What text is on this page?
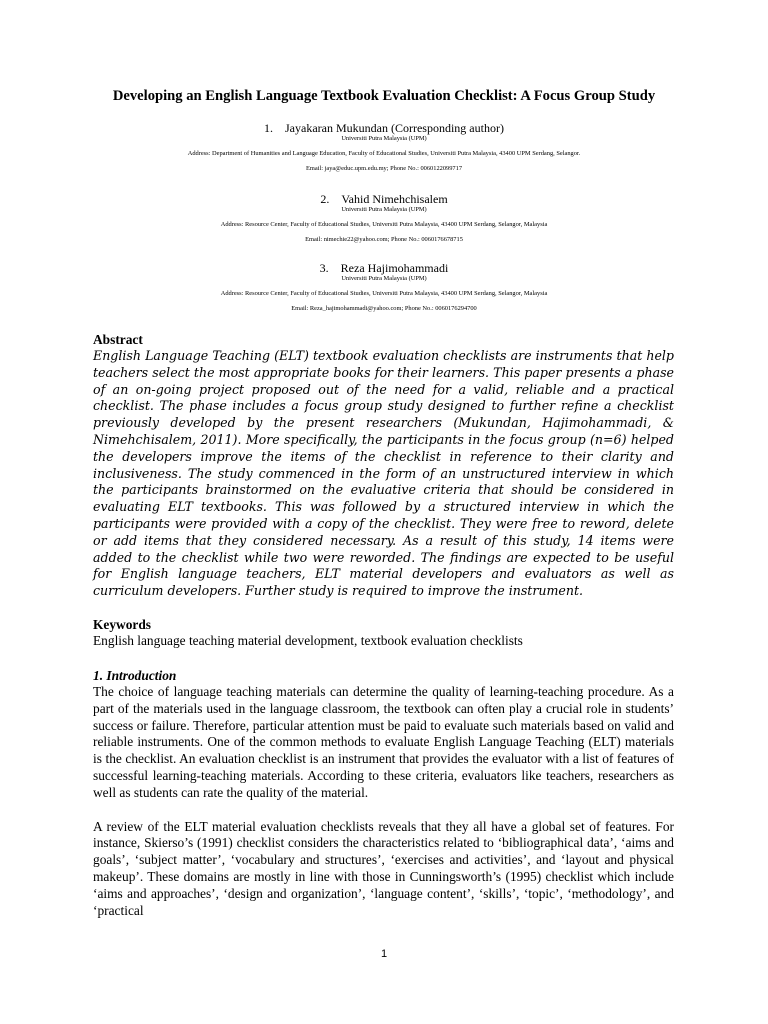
Developing an English Language Textbook Evaluation Checklist: A Focus Group Study
1. Jayakaran Mukundan (Corresponding author)
Universiti Putra Malaysia (UPM)
Address: Department of Humanities and Language Education, Faculty of Educational Studies, Universiti Putra Malaysia, 43400 UPM Serdang, Selangor.
Email: jaya@educ.upm.edu.my; Phone No.: 0060122099717
2. Vahid Nimehchisalem
Universiti Putra Malaysia (UPM)
Address: Resource Center, Faculty of Educational Studies, Universiti Putra Malaysia, 43400 UPM Serdang, Selangor, Malaysia
Email: nimechie22@yahoo.com; Phone No.: 0060176678715
3. Reza Hajimohammadi
Universiti Putra Malaysia (UPM)
Address: Resource Center, Faculty of Educational Studies, Universiti Putra Malaysia, 43400 UPM Serdang, Selangor, Malaysia
Email: Reza_hajimohammadi@yahoo.com; Phone No.: 0060176294700
Abstract

English Language Teaching (ELT) textbook evaluation checklists are instruments that help teachers select the most appropriate books for their learners. This paper presents a phase of an on-going project proposed out of the need for a valid, reliable and a practical checklist. The phase includes a focus group study designed to further refine a checklist previously developed by the present researchers (Mukundan, Hajimohammadi, & Nimehchisalem, 2011). More specifically, the participants in the focus group (n=6) helped the developers improve the items of the checklist in reference to their clarity and inclusiveness. The study commenced in the form of an unstructured interview in which the participants brainstormed on the evaluative criteria that should be considered in evaluating ELT textbooks. This was followed by a structured interview in which the participants were provided with a copy of the checklist. They were free to reword, delete or add items that they considered necessary. As a result of this study, 14 items were added to the checklist while two were reworded. The findings are expected to be useful for English language teachers, ELT material developers and evaluators as well as curriculum developers. Further study is required to improve the instrument.

Keywords

English language teaching material development, textbook evaluation checklists

1. Introduction

The choice of language teaching materials can determine the quality of learning-teaching procedure. As a part of the materials used in the language classroom, the textbook can often play a crucial role in students’ success or failure. Therefore, particular attention must be paid to evaluate such materials based on valid and reliable instruments. One of the common methods to evaluate English Language Teaching (ELT) materials is the checklist. An evaluation checklist is an instrument that provides the evaluator with a list of features of successful learning-teaching materials. According to these criteria, evaluators like teachers, researchers as well as students can rate the quality of the material.

A review of the ELT material evaluation checklists reveals that they all have a global set of features. For instance, Skierso’s (1991) checklist considers the characteristics related to ‘bibliographical data’, ‘aims and goals’, ‘subject matter’, ‘vocabulary and structures’, ‘exercises and activities’, and ‘layout and physical makeup’. These domains are mostly in line with those in Cunningsworth’s (1995) checklist which include ‘aims and approaches’, ‘design and organization’, ‘language content’, ‘skills’, ‘topic’, ‘methodology’, and ‘practical

1
